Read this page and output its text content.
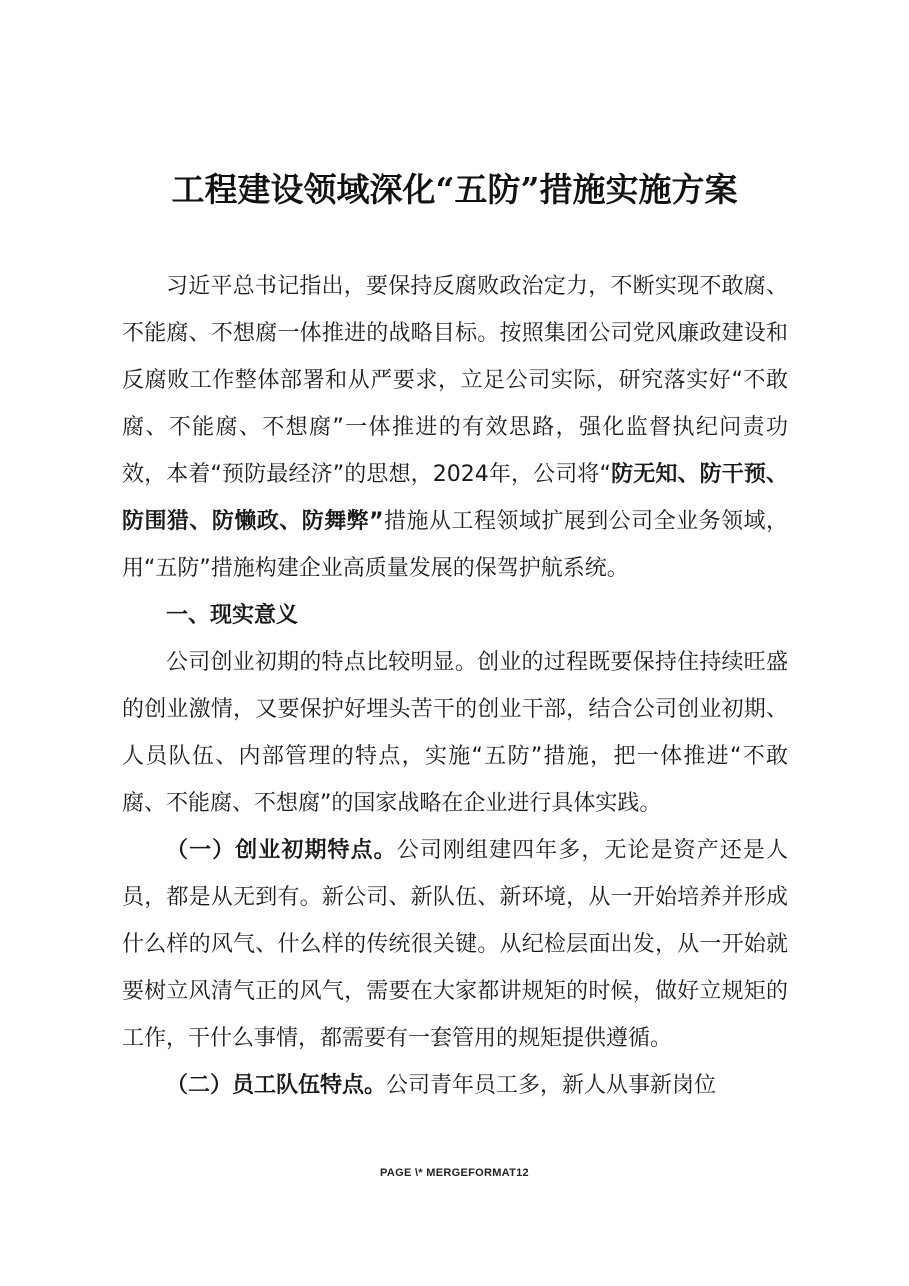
工程建设领域深化“五防”措施实施方案

习近平总书记指出，要保持反腐败政治定力，不断实现不敢腐、不能腐、不想腐一体推进的战略目标。按照集团公司党风廉政建设和反腐败工作整体部署和从严要求，立足公司实际，研究落实好“不敢腐、不能腐、不想腐”一体推进的有效思路，强化监督执纪问责功效，本着“预防最经济”的思想，2024年，公司将“防无知、防干预、防围猎、防懒政、防舞弊”措施从工程领域扩展到公司全业务领域，用“五防”措施构建企业高质量发展的保驾护航系统。

一、现实意义

公司创业初期的特点比较明显。创业的过程既要保持住持续旺盛的创业激情，又要保护好埋头苦干的创业干部，结合公司创业初期、人员队伍、内部管理的特点，实施“五防”措施，把一体推进“不敢腐、不能腐、不想腐”的国家战略在企业进行具体实践。

（一）创业初期特点。公司刚组建四年多，无论是资产还是人员，都是从无到有。新公司、新队伍、新环境，从一开始培养并形成什么样的风气、什么样的传统很关键。从纪检层面出发，从一开始就要树立风清气正的风气，需要在大家都讲规矩的时候，做好立规矩的工作，干什么事情，都需要有一套管用的规矩提供遵循。

（二）员工队伍特点。公司青年员工多，新人从事新岗位

PAGE \* MERGEFORMAT12
